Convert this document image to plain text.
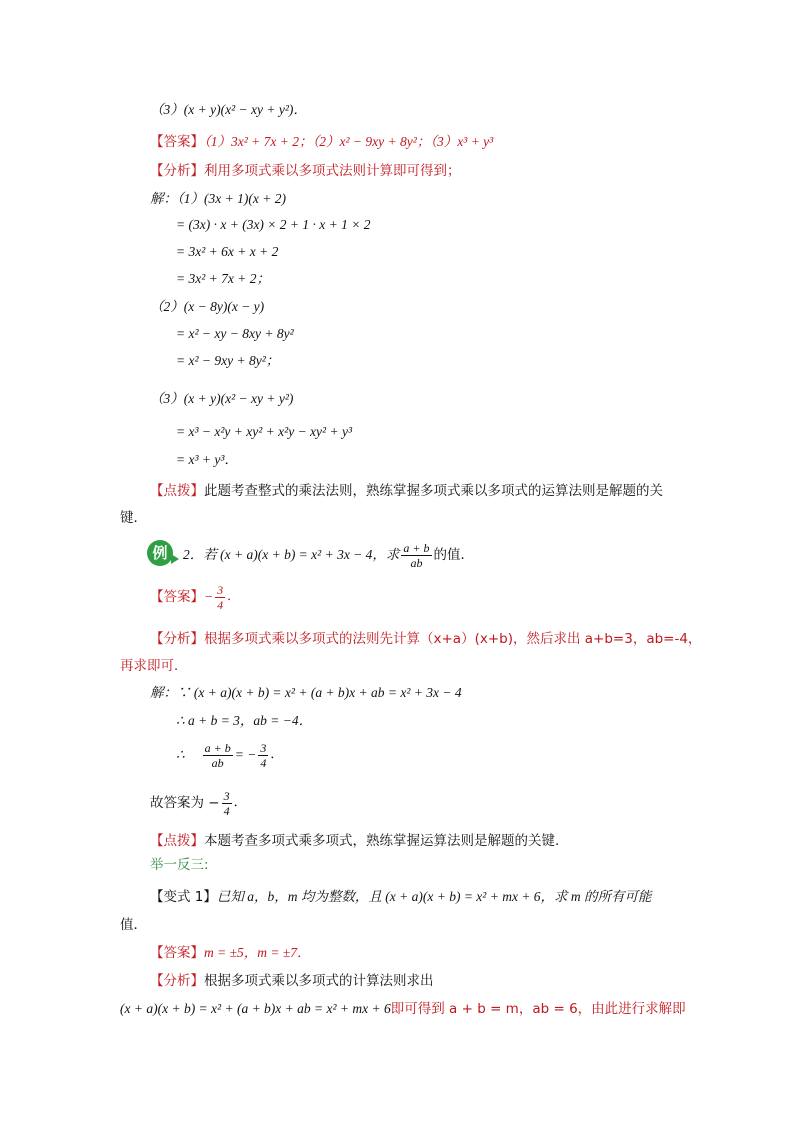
（3）(x + y)(x² − xy + y²)．
【答案】（1）3x² + 7x + 2；（2）x² − 9xy + 8y²；（3）x³ + y³
【分析】利用多项式乘以多项式法则计算即可得到；
解：（1）(3x + 1)(x + 2)
= (3x) · x + (3x) × 2 + 1 · x + 1 × 2
= 3x² + 6x + x + 2
= 3x² + 7x + 2；
（2）(x − 8y)(x − y)
= x² − xy − 8xy + 8y²
= x² − 9xy + 8y²；
（3）(x + y)(x² − xy + y²)
= x³ − x²y + xy² + x²y − xy² + y³
= x³ + y³．
【点拨】此题考查整式的乘法法则，熟练掌握多项式乘以多项式的运算法则是解题的关
键．
例	2．若 (x + a)(x + b) = x² + 3x − 4，求 $\frac{a + b}{ab}$ 的值．
【答案】 − $\frac{3}{4}$ ．
【分析】根据多项式乘以多项式的法则先计算（x+a）(x+b)，然后求出 a+b=3，ab=-4，
再求即可．
解：∵ (x + a)(x + b) = x² + (a + b)x + ab = x² + 3x − 4
∴ a + b = 3，ab = −4．
∴ $\frac{a + b}{ab}$ = − $\frac{3}{4}$ ．
故答案为 − $\frac{3}{4}$ ．
【点拨】本题考查多项式乘多项式，熟练掌握运算法则是解题的关键.
举一反三:
【变式 1】已知 a，b，m 均为整数，且 (x + a)(x + b) = x² + mx + 6，求 m 的所有可能
值．
【答案】m = ±5，m = ±7．
【分析】根据多项式乘以多项式的计算法则求出
(x + a)(x + b) = x² + (a + b)x + ab = x² + mx + 6即可得到 a + b = m，ab = 6，由此进行求解即
